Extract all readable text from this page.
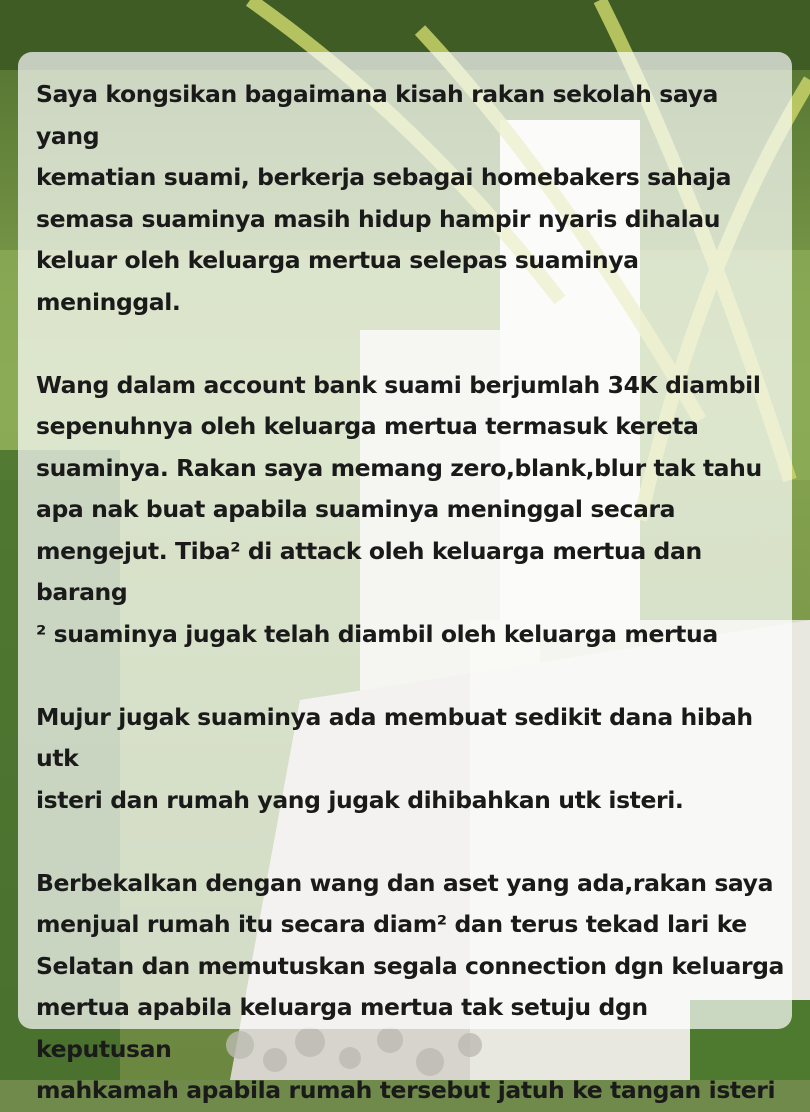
Saya kongsikan bagaimana kisah rakan sekolah saya yang
kematian suami, berkerja sebagai homebakers sahaja
semasa suaminya masih hidup hampir nyaris dihalau
keluar oleh keluarga mertua selepas suaminya meninggal.

Wang dalam account bank suami berjumlah 34K diambil
sepenuhnya oleh keluarga mertua termasuk kereta
suaminya. Rakan saya memang zero,blank,blur tak tahu
apa nak buat apabila suaminya meninggal secara
mengejut. Tiba² di attack oleh keluarga mertua dan barang
² suaminya jugak telah diambil oleh keluarga mertua

Mujur jugak suaminya ada membuat sedikit dana hibah utk
isteri dan rumah yang jugak dihibahkan utk isteri.

Berbekalkan dengan wang dan aset yang ada,rakan saya
menjual rumah itu secara diam² dan terus tekad lari ke
Selatan dan memutuskan segala connection dgn keluarga
mertua apabila keluarga mertua tak setuju dgn keputusan
mahkamah apabila rumah tersebut jatuh ke tangan isteri
